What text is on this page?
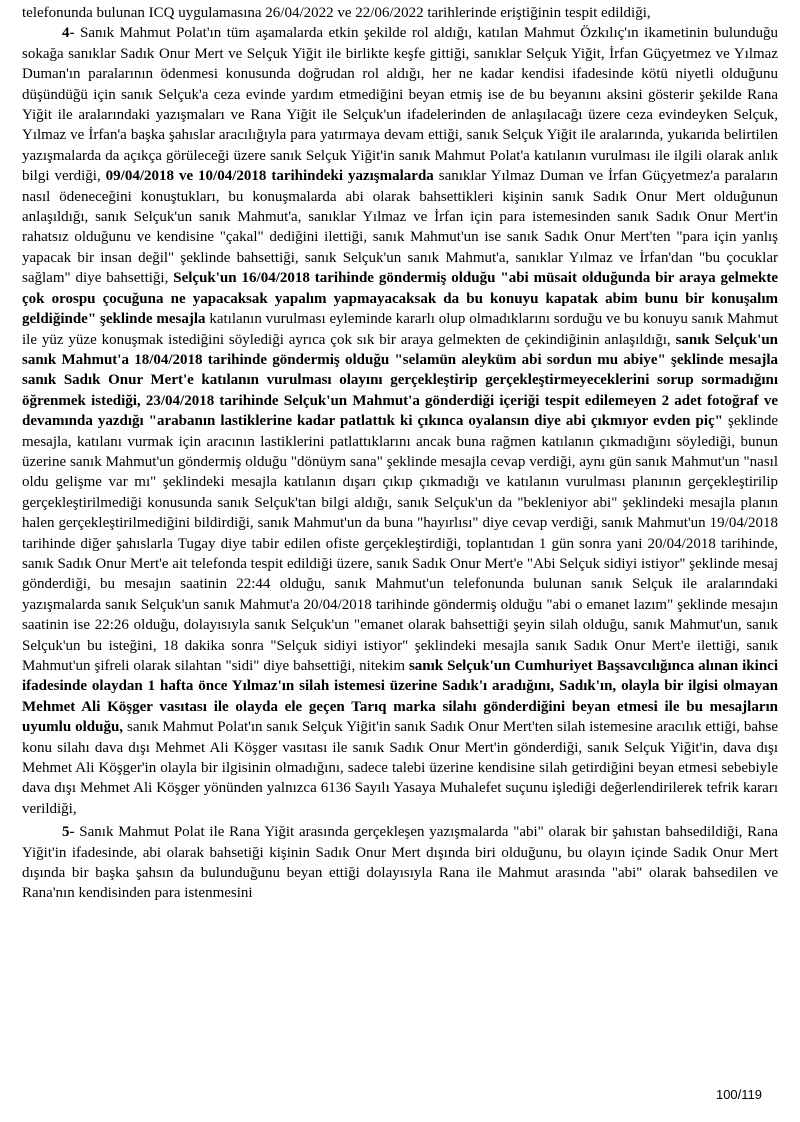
telefonunda bulunan ICQ uygulamasına 26/04/2022 ve 22/06/2022 tarihlerinde eriştiğinin tespit edildiği,

4- Sanık Mahmut Polat'ın tüm aşamalarda etkin şekilde rol aldığı, katılan Mahmut Özkılıç'ın ikametinin bulunduğu sokağa sanıklar Sadık Onur Mert ve Selçuk Yiğit ile birlikte keşfe gittiği, sanıklar Selçuk Yiğit, İrfan Güçyetmez ve Yılmaz Duman'ın paralarının ödenmesi konusunda doğrudan rol aldığı, her ne kadar kendisi ifadesinde kötü niyetli olduğunu düşündüğü için sanık Selçuk'a ceza evinde yardım etmediğini beyan etmiş ise de bu beyanını aksini gösterir şekilde Rana Yiğit ile aralarındaki yazışmaları ve Rana Yiğit ile Selçuk'un ifadelerinden de anlaşılacağı üzere ceza evindeyken Selçuk, Yılmaz ve İrfan'a başka şahıslar aracılığıyla para yatırmaya devam ettiği, sanık Selçuk Yiğit ile aralarında, yukarıda belirtilen yazışmalarda da açıkça görüleceği üzere sanık Selçuk Yiğit'in sanık Mahmut Polat'a katılanın vurulması ile ilgili olarak anlık bilgi verdiği, 09/04/2018 ve 10/04/2018 tarihindeki yazışmalarda sanıklar Yılmaz Duman ve İrfan Güçyetmez'a paraların nasıl ödeneceğini konuştukları, bu konuşmalarda abi olarak bahsettikleri kişinin sanık Sadık Onur Mert olduğunun anlaşıldığı, sanık Selçuk'un sanık Mahmut'a, sanıklar Yılmaz ve İrfan için para istemesinden sanık Sadık Onur Mert'in rahatsız olduğunu ve kendisine "çakal" dediğini ilettiği, sanık Mahmut'un ise sanık Sadık Onur Mert'ten "para için yanlış yapacak bir insan değil" şeklinde bahsettiği, sanık Selçuk'un sanık Mahmut'a, sanıklar Yılmaz ve İrfan'dan "bu çocuklar sağlam" diye bahsettiği, Selçuk'un 16/04/2018 tarihinde göndermiş olduğu "abi müsait olduğunda bir araya gelmekte çok orospu çocuğuna ne yapacaksak yapalım yapmayacaksak da bu konuyu kapatak abim bunu bir konuşalım geldiğinde" şeklinde mesajla katılanın vurulması eyleminde kararlı olup olmadıklarını sorduğu ve bu konuyu sanık Mahmut ile yüz yüze konuşmak istediğini söylediği ayrıca çok sık bir araya gelmekten de çekindiğinin anlaşıldığı, sanık Selçuk'un sanık Mahmut'a 18/04/2018 tarihinde göndermiş olduğu "selamün aleyküm abi sordun mu abiye" şeklinde mesajla sanık Sadık Onur Mert'e katılanın vurulması olayını gerçekleştirip gerçekleştirmeyeceklerini sorup sormadığını öğrenmek istediği, 23/04/2018 tarihinde Selçuk'un Mahmut'a gönderdiği içeriği tespit edilemeyen 2 adet fotoğraf ve devamında yazdığı "arabanın lastiklerine kadar patlattık ki çıkınca oyalansın diye abi çıkmıyor evden piç" şeklinde mesajla, katılanı vurmak için aracının lastiklerini patlattıklarını ancak buna rağmen katılanın çıkmadığını söylediği, bunun üzerine sanık Mahmut'un göndermiş olduğu "dönüym sana" şeklinde mesajla cevap verdiği, aynı gün sanık Mahmut'un "nasıl oldu gelişme var mı" şeklindeki mesajla katılanın dışarı çıkıp çıkmadığı ve katılanın vurulması planının gerçekleştirilip gerçekleştirilmediği konusunda sanık Selçuk'tan bilgi aldığı, sanık Selçuk'un da "bekleniyor abi" şeklindeki mesajla planın halen gerçekleştirilmediğini bildirdiği, sanık Mahmut'un da buna "hayırlısı" diye cevap verdiği, sanık Mahmut'un 19/04/2018 tarihinde diğer şahıslarla Tugay diye tabir edilen ofiste gerçekleştirdiği, toplantıdan 1 gün sonra yani 20/04/2018 tarihinde, sanık Sadık Onur Mert'e ait telefonda tespit edildiği üzere, sanık Sadık Onur Mert'e "Abi Selçuk sidiyi istiyor" şeklinde mesaj gönderdiği, bu mesajın saatinin 22:44 olduğu, sanık Mahmut'un telefonunda bulunan sanık Selçuk ile aralarındaki yazışmalarda sanık Selçuk'un sanık Mahmut'a 20/04/2018 tarihinde göndermiş olduğu "abi o emanet lazım" şeklinde mesajın saatinin ise 22:26 olduğu, dolayısıyla sanık Selçuk'un "emanet olarak bahsettiği şeyin silah olduğu, sanık Mahmut'un, sanık Selçuk'un bu isteğini, 18 dakika sonra "Selçuk sidiyi istiyor" şeklindeki mesajla sanık Sadık Onur Mert'e ilettiği, sanık Mahmut'un şifreli olarak silahtan "sidi" diye bahsettiği, nitekim sanık Selçuk'un Cumhuriyet Başsavcılığınca alınan ikinci ifadesinde olaydan 1 hafta önce Yılmaz'ın silah istemesi üzerine Sadık'ı aradığını, Sadık'ın, olayla bir ilgisi olmayan Mehmet Ali Köşger vasıtası ile olayda ele geçen Tarıq marka silahı gönderdiğini beyan etmesi ile bu mesajların uyumlu olduğu, sanık Mahmut Polat'ın sanık Selçuk Yiğit'in sanık Sadık Onur Mert'ten silah istemesine aracılık ettiği, bahse konu silahı dava dışı Mehmet Ali Köşger vasıtası ile sanık Sadık Onur Mert'in gönderdiği, sanık Selçuk Yiğit'in, dava dışı Mehmet Ali Köşger'in olayla bir ilgisinin olmadığını, sadece talebi üzerine kendisine silah getirdiğini beyan etmesi sebebiyle dava dışı Mehmet Ali Köşger yönünden yalnızca 6136 Sayılı Yasaya Muhalefet suçunu işlediği değerlendirilerek tefrik kararı verildiği,

5- Sanık Mahmut Polat ile Rana Yiğit arasında gerçekleşen yazışmalarda "abi" olarak bir şahıstan bahsedildiği, Rana Yiğit'in ifadesinde, abi olarak bahsetiği kişinin Sadık Onur Mert dışında biri olduğunu, bu olayın içinde Sadık Onur Mert dışında bir başka şahsın da bulunduğunu beyan ettiği dolayısıyla Rana ile Mahmut arasında "abi" olarak bahsedilen ve Rana'nın kendisinden para istenmesini

100/119
